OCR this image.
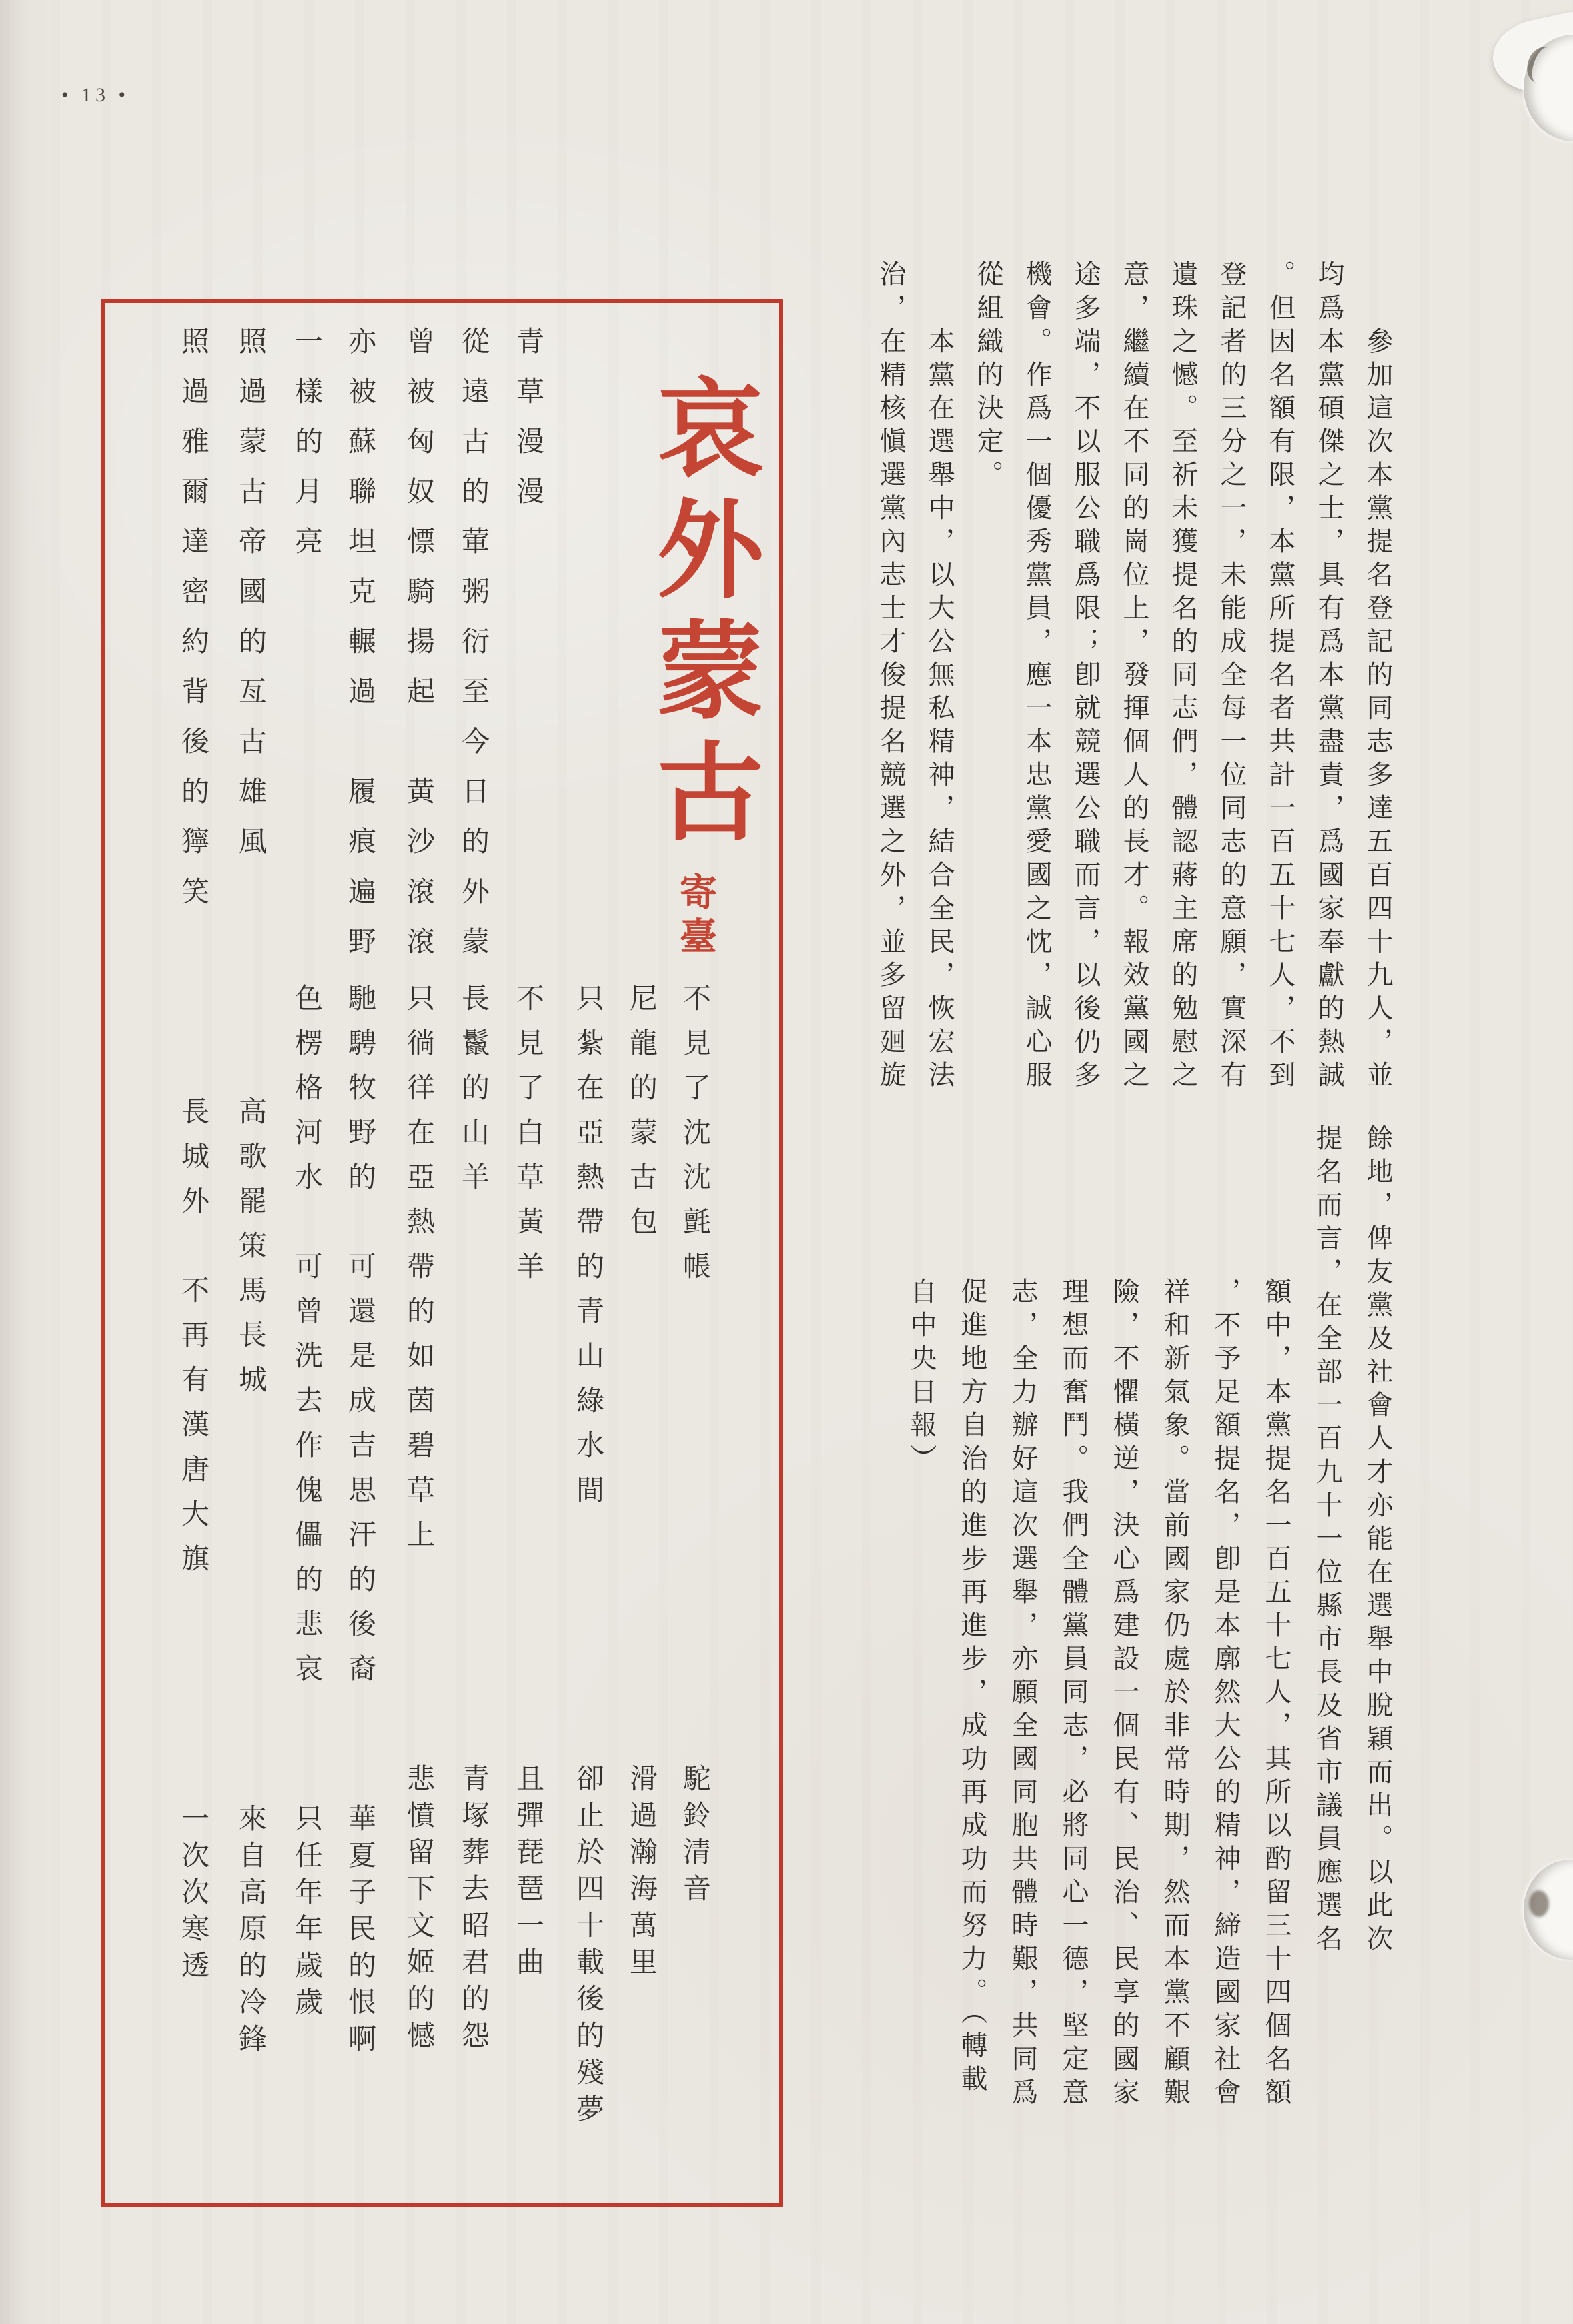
• 13 •
　　參加這次本黨提名登記的同志多達五百四十九人，並
均爲本黨碩傑之士，具有爲本黨盡責，爲國家奉獻的熱誠
。但因名額有限，本黨所提名者共計一百五十七人，不到
登記者的三分之一，未能成全每一位同志的意願，實深有
遺珠之憾。至祈未獲提名的同志們，體認蔣主席的勉慰之
意，繼續在不同的崗位上，發揮個人的長才。報效黨國之
途多端，不以服公職爲限；卽就競選公職而言，以後仍多
機會。作爲一個優秀黨員，應一本忠黨愛國之忱，誠心服
從組織的決定。
　　本黨在選舉中，以大公無私精神，結合全民，恢宏法
治，在精核愼選黨內志士才俊提名競選之外，並多留廻旋
餘地，俾友黨及社會人才亦能在選舉中脫穎而出。以此次
提名而言，在全部一百九十一位縣市長及省市議員應選名
額中，本黨提名一百五十七人，其所以酌留三十四個名額
，不予足額提名，卽是本廓然大公的精神，締造國家社會
祥和新氣象。當前國家仍處於非常時期，然而本黨不顧艱
險，不懼橫逆，決心爲建設一個民有、民治、民享的國家
理想而奮鬥。我們全體黨員同志，必將同心一德，堅定意
志，全力辦好這次選舉，亦願全國同胞共體時艱，共同爲
促進地方自治的進步再進步，成功再成功而努力。（轉載
自中央日報）
哀外蒙古
寄臺
青草漫漫
從遠古的葷粥衍至今日的外蒙
曾被匈奴慓騎揚起　黃沙滾滾
亦被蘇聯坦克輾過　履痕遍野
一樣的月亮
照過蒙古帝國的亙古雄風
照過雅爾達密約背後的獰笑
不見了沈沈氈帳
尼龍的蒙古包
只紮在亞熱帶的青山綠水間
不見了白草黃羊
長鬣的山羊
只徜徉在亞熱帶的如茵碧草上
馳騁牧野的　可還是成吉思汗的後裔
色楞格河水　可曾洗去作傀儡的悲哀
高歌罷策馬長城
長城外　不再有漢唐大旗
駝鈴清音
滑過瀚海萬里
卻止於四十載後的殘夢
且彈琵琶一曲
青塚葬去昭君的怨
悲憤留下文姬的憾
華夏子民的恨啊
只任年年歲歲
來自高原的冷鋒
一次次寒透
